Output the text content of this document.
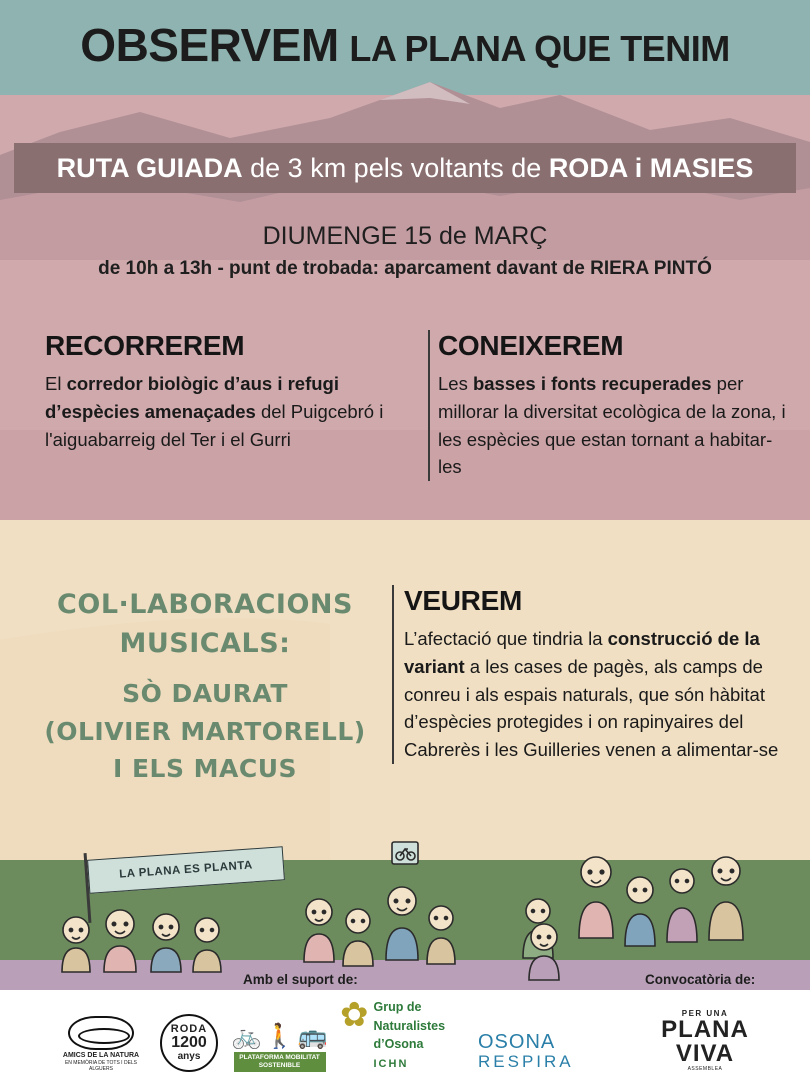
LA PLANA ES PLANTA
OBSERVEM LA PLANA QUE TENIM
RUTA GUIADA de 3 km pels voltants de RODA i MASIES
DIUMENGE 15 de MARÇ
de 10h a 13h - punt de trobada: aparcament davant de RIERA PINTÓ
RECORREREM
El corredor biològic d’aus i refugi d’espècies amenaçades del Puigcebró i l'aiguabarreig del Ter i el Gurri
CONEIXEREM
Les basses i fonts recuperades per millorar la diversitat ecològica de la zona, i les espècies que estan tornant a habitar-les
VEUREM
L’afectació que tindria la construcció de la variant a les cases de pagès, als camps de conreu i als espais naturals, que són hàbitat d’espècies protegides i on rapinyaires del Cabrerès i les Guilleries venen a alimentar-se
COL·LABORACIONS
MUSICALS:
SÒ DAURAT
(OLIVIER MARTORELL)
I ELS MACUS
Amb el suport de:	Convocatòria de:
AMICS DE LA NATURA
EN MEMÒRIA DE TOTS I DELS ALGUERS
RODA
1200
anys
🚲 🚶 🚌
PLATAFORMA MOBILITAT
SOSTENIBLE
✿ Grup de
Naturalistes
d’Osona
ICHN
OSONA
RESPIRA
PER UNA
PLANA
VIVA
ASSEMBLEA
